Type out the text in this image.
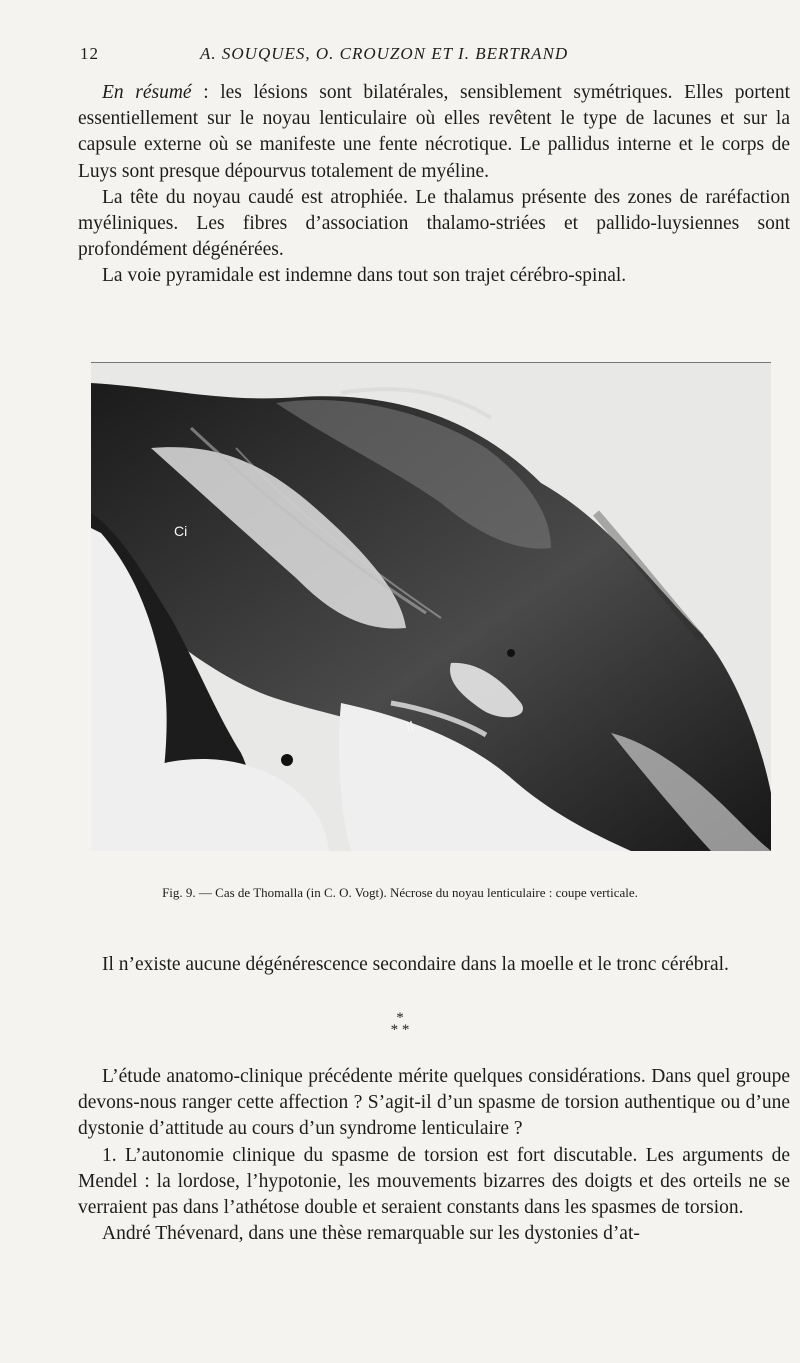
12	A. SOUQUES, O. CROUZON ET I. BERTRAND

En résumé : les lésions sont bilatérales, sensiblement symétriques. Elles portent essentiellement sur le noyau lenticulaire où elles revêtent le type de lacunes et sur la capsule externe où se manifeste une fente nécrotique. Le pallidus interne et le corps de Luys sont presque dépourvus totalement de myéline.

La tête du noyau caudé est atrophiée. Le thalamus présente des zones de raréfaction myéliniques. Les fibres d’association thalamo-striées et pallido-luysiennes sont profondément dégénérées.

La voie pyramidale est indemne dans tout son trajet cérébro-spinal.

Ci
II
Fig. 9. — Cas de Thomalla (in C. O. Vogt). Nécrose du noyau lenticulaire : coupe verticale.

Il n’existe aucune dégénérescence secondaire dans la moelle et le tronc cérébral.

*
* *

L’étude anatomo-clinique précédente mérite quelques considérations. Dans quel groupe devons-nous ranger cette affection ? S’agit-il d’un spasme de torsion authentique ou d’une dystonie d’attitude au cours d’un syndrome lenticulaire ?

1. L’autonomie clinique du spasme de torsion est fort discutable. Les arguments de Mendel : la lordose, l’hypotonie, les mouvements bizarres des doigts et des orteils ne se verraient pas dans l’athétose double et seraient constants dans les spasmes de torsion.

André Thévenard, dans une thèse remarquable sur les dystonies d’at-
